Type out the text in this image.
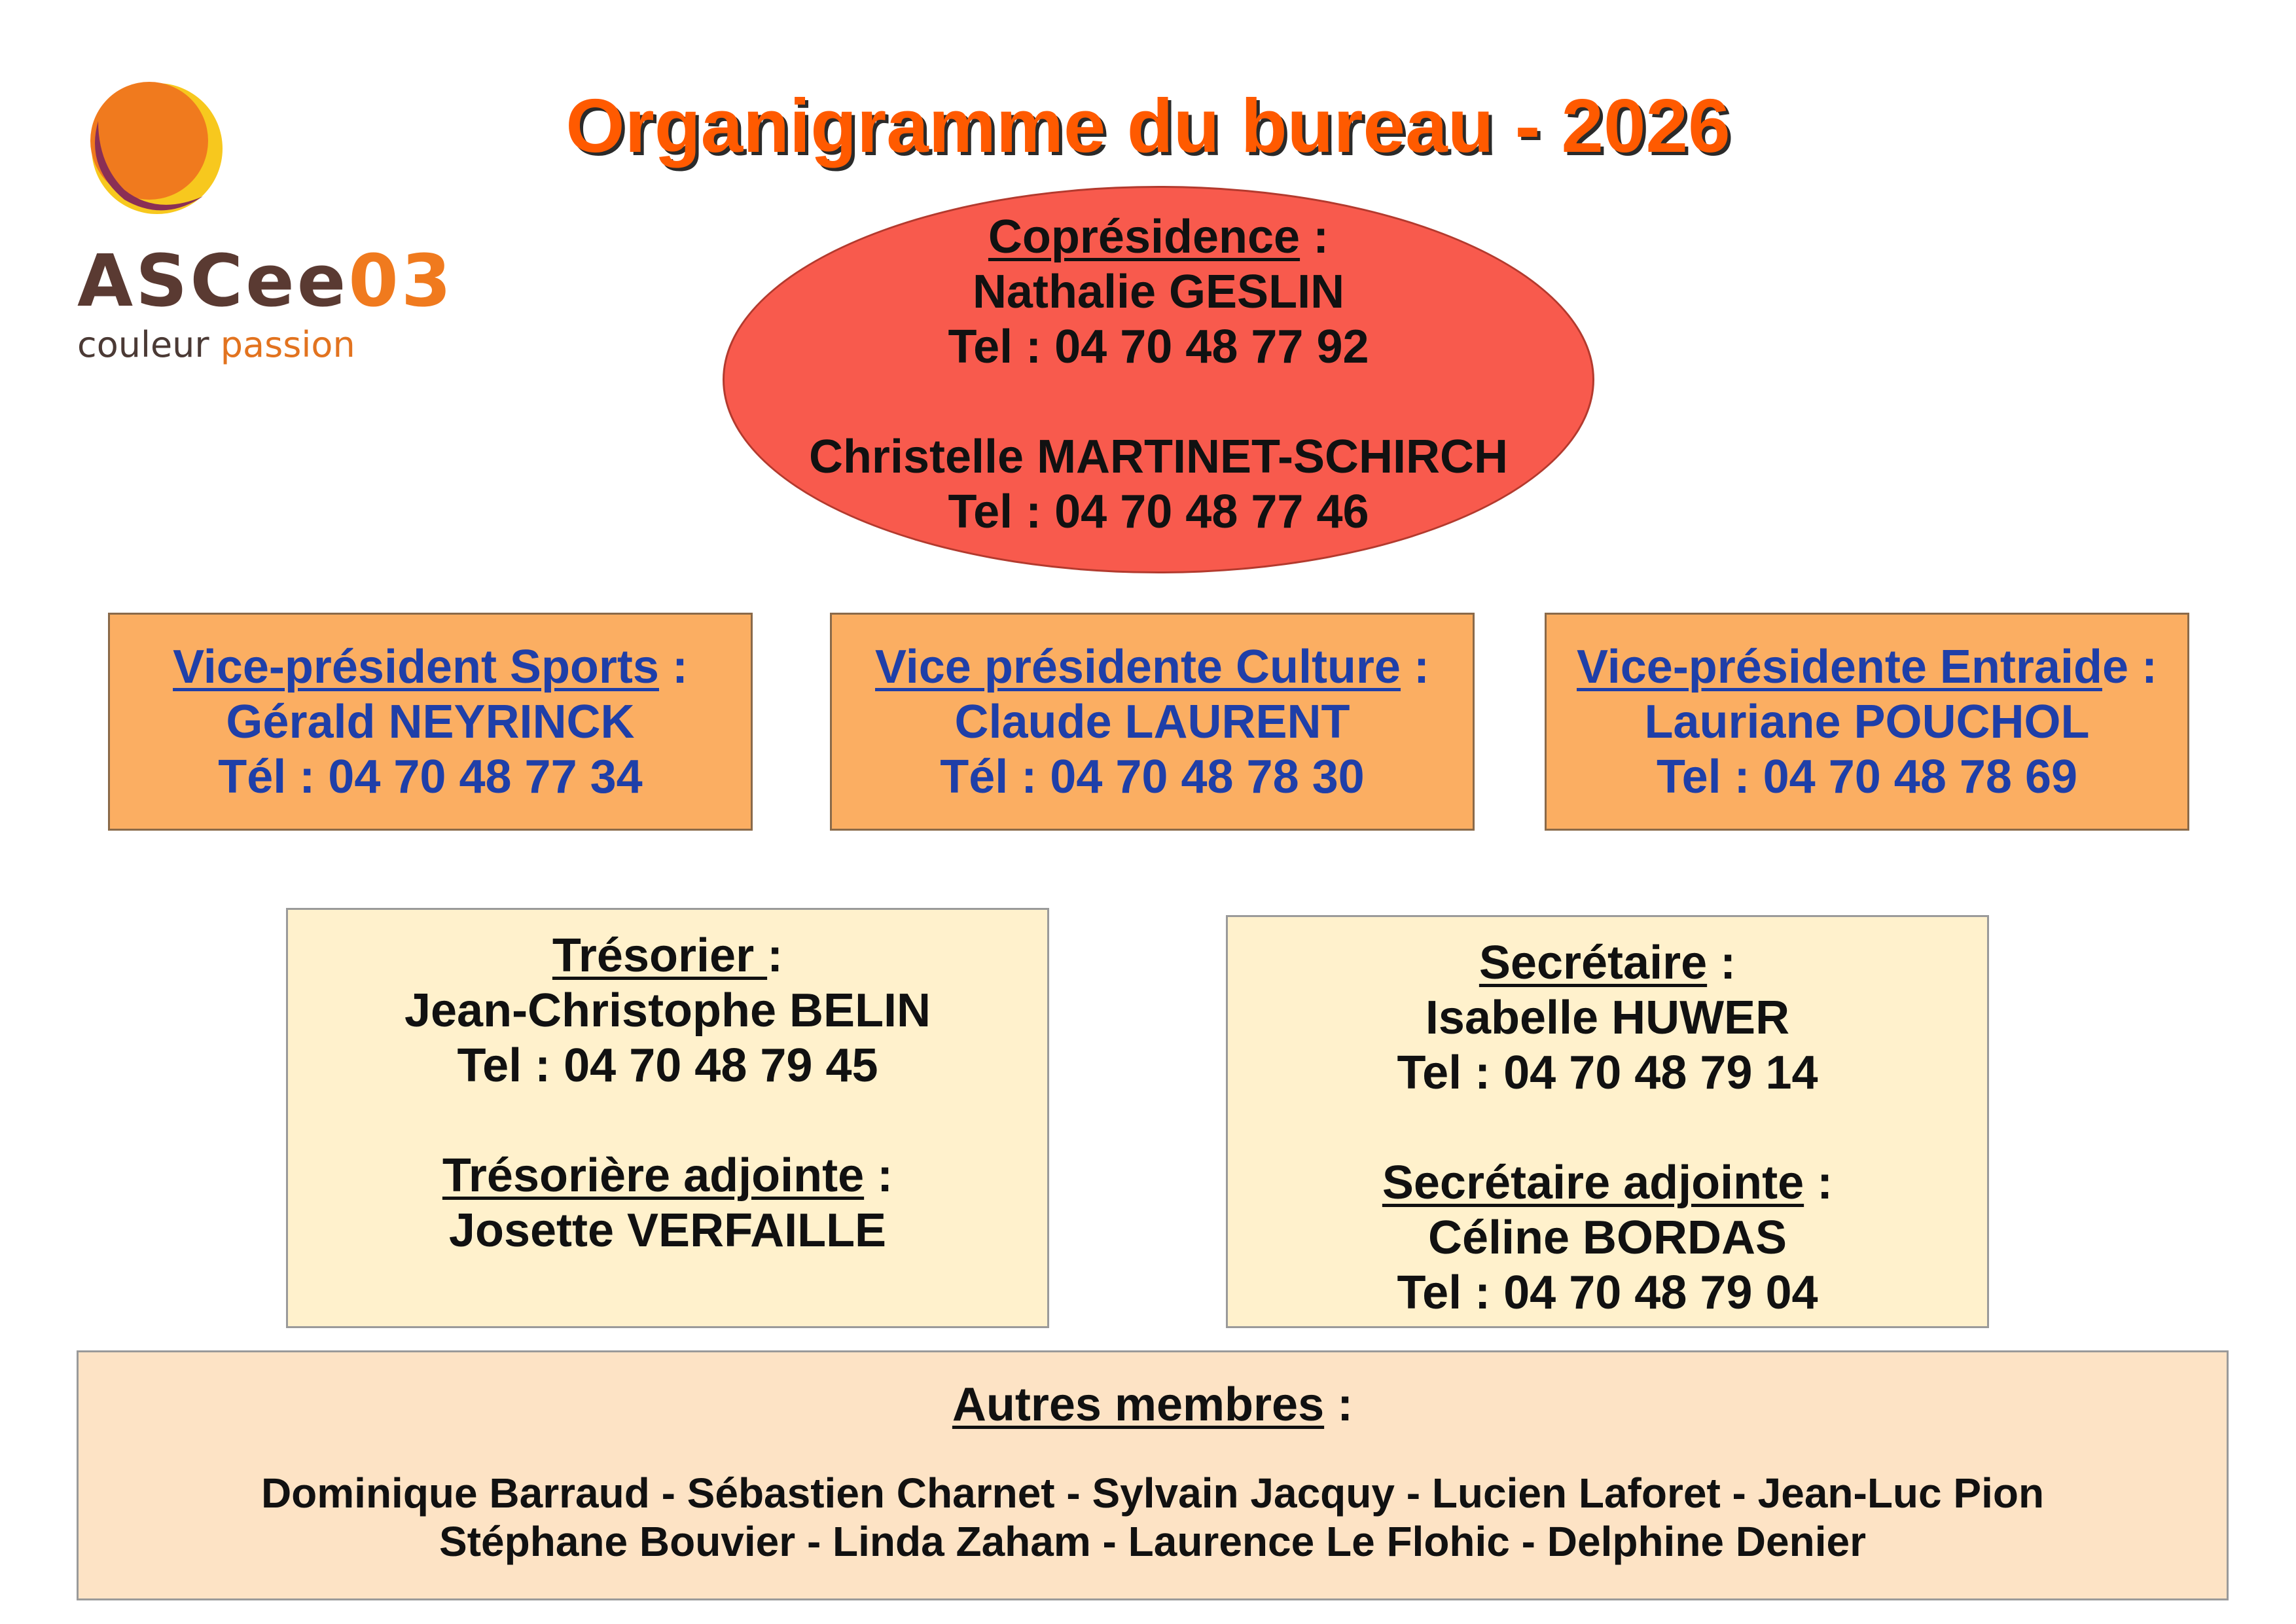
ASCee03
couleur passion
Organigramme du bureau - 2026
Coprésidence :
Nathalie GESLIN
Tel : 04 70 48 77 92
Christelle MARTINET-SCHIRCH
Tel : 04 70 48 77 46
Vice-président Sports :
Gérald NEYRINCK
Tél : 04 70 48 77 34
Vice présidente Culture :
Claude LAURENT
Tél : 04 70 48 78 30
Vice-présidente Entraide :
Lauriane POUCHOL
Tel : 04 70 48 78 69
Trésorier :
Jean-Christophe BELIN
Tel : 04 70 48 79 45
Trésorière adjointe :
Josette VERFAILLE
Secrétaire :
Isabelle HUWER
Tel : 04 70 48 79 14
Secrétaire adjointe :
Céline BORDAS
Tel : 04 70 48 79 04
Autres membres :
Dominique Barraud - Sébastien Charnet - Sylvain Jacquy - Lucien Laforet - Jean-Luc Pion
Stéphane Bouvier - Linda Zaham - Laurence Le Flohic - Delphine Denier
